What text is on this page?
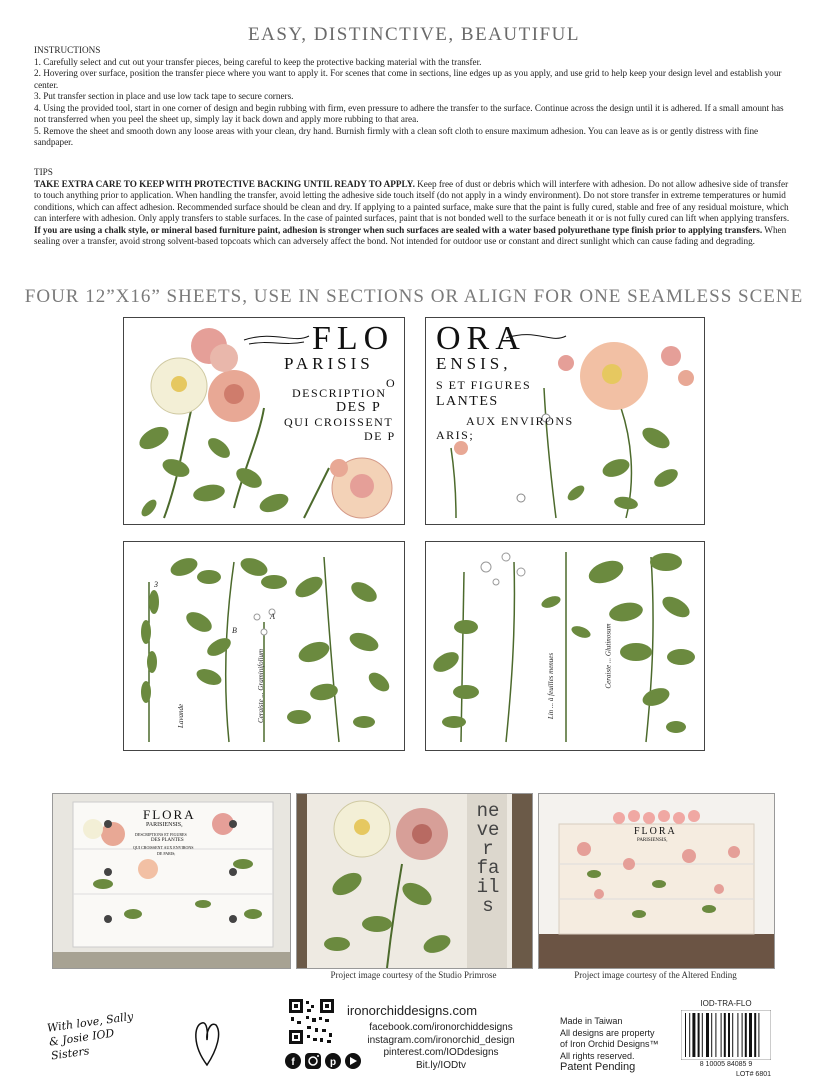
EASY, DISTINCTIVE, BEAUTIFUL

INSTRUCTIONS

1. Carefully select and cut out your transfer pieces, being careful to keep the protective backing material with the transfer.

2. Hovering over surface, position the transfer piece where you want to apply it. For scenes that come in sections, line edges up as you apply, and use grid to help keep your design level and establish your center.

3. Put transfer section in place and use low tack tape to secure corners.

4. Using the provided tool, start in one corner of design and begin rubbing with firm, even pressure to adhere the transfer to the surface. Continue across the design until it is adhered. If a small amount has not transferred when you peel the sheet up, simply lay it back down and apply more rubbing to that area.

5. Remove the sheet and smooth down any loose areas with your clean, dry hand. Burnish firmly with a clean soft cloth to ensure maximum adhesion. You can leave as is or gently distress with fine sandpaper.

TIPS

TAKE EXTRA CARE TO KEEP WITH PROTECTIVE BACKING UNTIL READY TO APPLY. Keep free of dust or debris which will interfere with adhesion. Do not allow adhesive side of transfer to touch anything prior to application. When handling the transfer, avoid letting the adhesive side touch itself (do not apply in a windy environment). Do not store transfer in extreme temperatures or humid conditions, which can affect adhesion. Recommended surface should be clean and dry. If applying to a painted surface, make sure that the paint is fully cured, stable and free of any residual moisture, which can interfere with adhesion. Only apply transfers to stable surfaces. In the case of painted surfaces, paint that is not bonded well to the surface beneath it or is not fully cured can lift when applying transfers. If you are using a chalk style, or mineral based furniture paint, adhesion is stronger when such surfaces are sealed with a water based polyurethane type finish prior to applying transfers. When sealing over a transfer, avoid strong solvent-based topcoats which can adversely affect the bond. Not intended for outdoor use or constant and direct sunlight which can cause fading and degrading.

FOUR 12”X16” SHEETS, USE IN SECTIONS OR ALIGN FOR ONE SEAMLESS SCENE
FLO
PARISIS
O
DESCRIPTION
DES P
QUI CROISSENT
DE P
ORA
ENSIS,
S ET FIGURES
LANTES
AUX ENVIRONS
ARIS;
3
B
A
Lavande	Ceraiste ... Graminifolium	Lin ... à feuilles menues	Ceraiste ... Glutinosum
FLORA
PARISIENSIS,
DESCRIPTIONS ET FIGURES
DES PLANTES
QUI CROISSENT AUX ENVIRONS
DE PARIS;
never fails
Project image courtesy of the Studio Primrose
FLORA
PARISIENSIS,
Project image courtesy of the Altered Ending
With love, Sally & Josie IOD Sisters	f	p
ironorchiddesigns.com
facebook.com/ironorchiddesigns
instagram.com/ironorchid_design
pinterest.com/IODdesigns
Bit.ly/IODtv
Made in Taiwan
All designs are property
of Iron Orchid Designs™
All rights reserved.
Patent Pending
IOD-TRA-FLO
8 10005 84085 9
LOT# 6801
